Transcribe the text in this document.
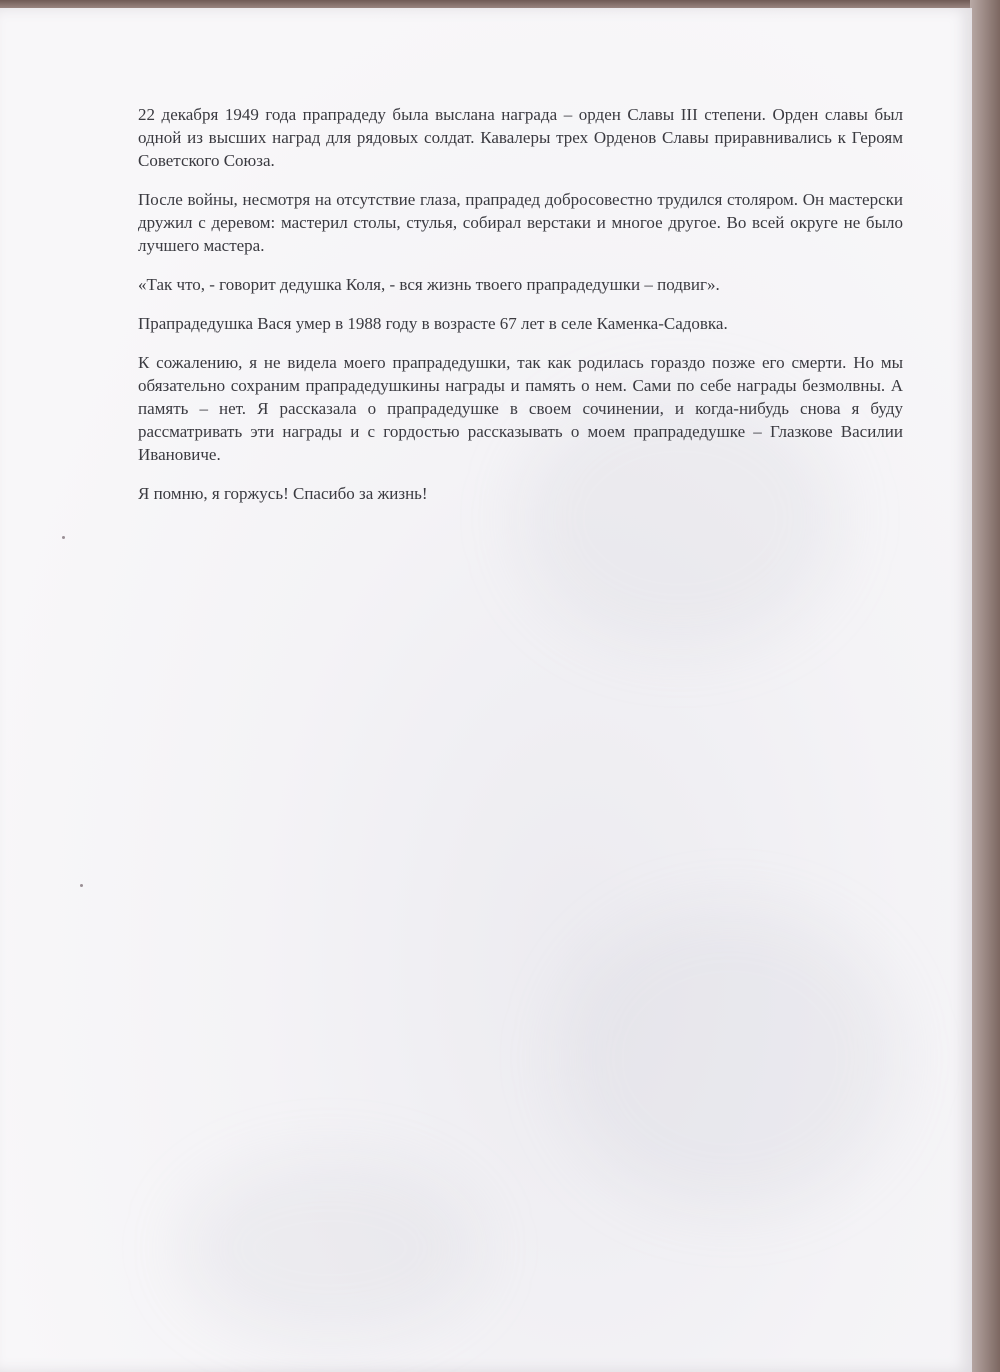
22 декабря 1949 года прапрадеду была выслана награда – орден Славы III степени. Орден славы был одной из высших наград для рядовых солдат. Кавалеры трех Орденов Славы приравнивались к Героям Советского Союза.

После войны, несмотря на отсутствие глаза, прапрадед добросовестно трудился столяром. Он мастерски дружил с деревом: мастерил столы, стулья, собирал верстаки и многое другое. Во всей округе не было лучшего мастера.

«Так что, - говорит дедушка Коля, - вся жизнь твоего прапрадедушки – подвиг».

Прапрадедушка Вася умер в 1988 году в возрасте 67 лет в селе Каменка-Садовка.

К сожалению, я не видела моего прапрадедушки, так как родилась гораздо позже его смерти. Но мы обязательно сохраним прапрадедушкины награды и память о нем. Сами по себе награды безмолвны. А память – нет. Я рассказала о прапрадедушке в своем сочинении, и когда-нибудь снова я буду рассматривать эти награды и с гордостью рассказывать о моем прапрадедушке – Глазкове Василии Ивановиче.

Я помню, я горжусь! Спасибо за жизнь!
